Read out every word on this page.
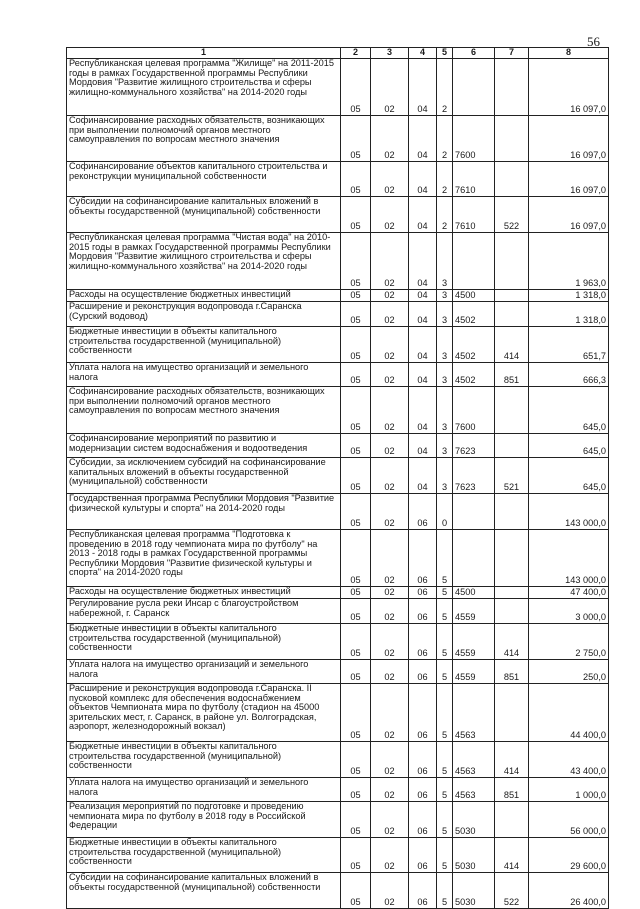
56
1	2	3	4	5	6	7	8
Республиканская целевая программа "Жилище" на 2011-2015 годы в рамках Государственной программы Республики Мордовия "Развитие жилищного строительства и сферы жилищно-коммунального хозяйства" на 2014-2020 годы	05	02	04	2			16 097,0
Софинансирование расходных обязательств, возникающих при выполнении полномочий органов местного самоуправления по вопросам местного значения	05	02	04	2	7600		16 097,0
Софинансирование объектов капитального строительства и реконструкции муниципальной собственности	05	02	04	2	7610		16 097,0
Субсидии на софинансирование капитальных вложений в объекты государственной (муниципальной) собственности	05	02	04	2	7610	522	16 097,0
Республиканская целевая программа "Чистая вода" на 2010-2015 годы в рамках Государственной программы Республики Мордовия "Развитие жилищного строительства и сферы жилищно-коммунального хозяйства" на 2014-2020 годы	05	02	04	3			1 963,0
Расходы на осуществление бюджетных инвестиций	05	02	04	3	4500		1 318,0
Расширение и реконструкция водопровода г.Саранска (Сурский водовод)	05	02	04	3	4502		1 318,0
Бюджетные инвестиции в объекты капитального строительства государственной (муниципальной) собственности	05	02	04	3	4502	414	651,7
Уплата налога на имущество организаций и земельного налога	05	02	04	3	4502	851	666,3
Софинансирование расходных обязательств, возникающих при выполнении полномочий органов местного самоуправления по вопросам местного значения	05	02	04	3	7600		645,0
Софинансирование мероприятий по развитию и модернизации систем водоснабжения и водоотведения	05	02	04	3	7623		645,0
Субсидии, за исключением субсидий на софинансирование капитальных вложений в объекты государственной (муниципальной) собственности	05	02	04	3	7623	521	645,0
Государственная программа Республики Мордовия "Развитие физической культуры и спорта" на 2014-2020 годы	05	02	06	0			143 000,0
Республиканская целевая программа "Подготовка к проведению в 2018 году чемпионата мира по футболу" на 2013 - 2018 годы в рамках Государственной программы Республики Мордовия "Развитие физической культуры и спорта" на 2014-2020 годы	05	02	06	5			143 000,0
Расходы на осуществление бюджетных инвестиций	05	02	06	5	4500		47 400,0
Регулирование русла реки Инсар с благоустройством набережной, г. Саранск	05	02	06	5	4559		3 000,0
Бюджетные инвестиции в объекты капитального строительства государственной (муниципальной) собственности	05	02	06	5	4559	414	2 750,0
Уплата налога на имущество организаций и земельного налога	05	02	06	5	4559	851	250,0
Расширение и реконструкция водопровода г.Саранска. II пусковой комплекс для обеспечения водоснабжением объектов Чемпионата мира по футболу (стадион на 45000 зрительских мест, г. Саранск, в районе ул. Волгоградская, аэропорт, железнодорожный вокзал)	05	02	06	5	4563		44 400,0
Бюджетные инвестиции в объекты капитального строительства государственной (муниципальной) собственности	05	02	06	5	4563	414	43 400,0
Уплата налога на имущество организаций и земельного налога	05	02	06	5	4563	851	1 000,0
Реализация мероприятий по подготовке и проведению чемпионата мира по футболу в 2018 году в Российской Федерации	05	02	06	5	5030		56 000,0
Бюджетные инвестиции в объекты капитального строительства государственной (муниципальной) собственности	05	02	06	5	5030	414	29 600,0
Субсидии на софинансирование капитальных вложений в объекты государственной (муниципальной) собственности	05	02	06	5	5030	522	26 400,0
